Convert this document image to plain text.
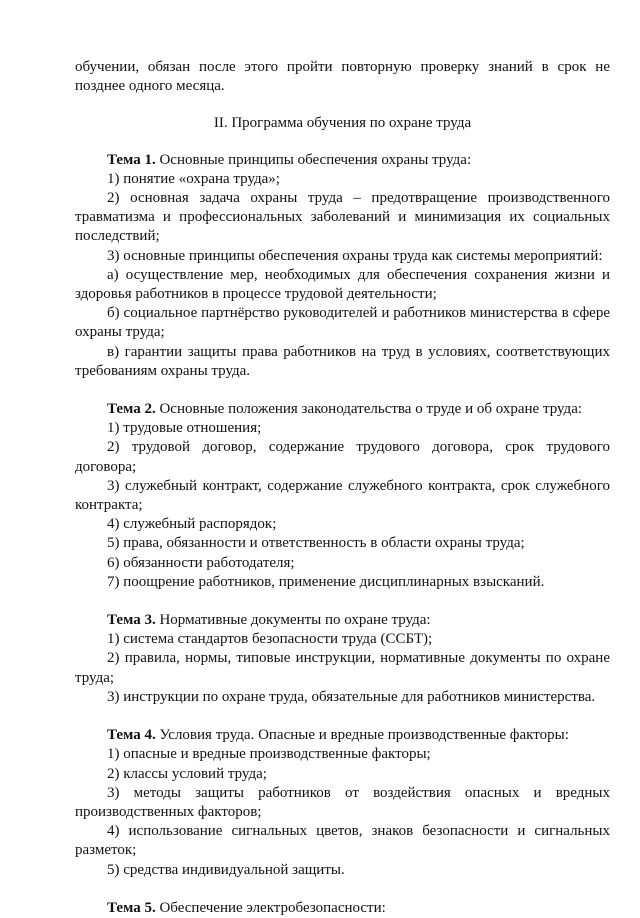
обучении, обязан после этого пройти повторную проверку знаний в срок не позднее одного месяца.

II. Программа обучения по охране труда

Тема 1. Основные принципы обеспечения охраны труда:

1) понятие «охрана труда»;

2) основная задача охраны труда – предотвращение производственного травматизма и профессиональных заболеваний и минимизация их социальных последствий;

3) основные принципы обеспечения охраны труда как системы мероприятий:

а) осуществление мер, необходимых для обеспечения сохранения жизни и здоровья работников в процессе трудовой деятельности;

б) социальное партнёрство руководителей и работников министерства в сфере охраны труда;

в) гарантии защиты права работников на труд в условиях, соответствующих требованиям охраны труда.

Тема 2. Основные положения законодательства о труде и об охране труда:

1) трудовые отношения;

2) трудовой договор, содержание трудового договора, срок трудового договора;

3) служебный контракт, содержание служебного контракта, срок служебного контракта;

4) служебный распорядок;

5) права, обязанности и ответственность в области охраны труда;

6) обязанности работодателя;

7) поощрение работников, применение дисциплинарных взысканий.

Тема 3. Нормативные документы по охране труда:

1) система стандартов безопасности труда (ССБТ);

2) правила, нормы, типовые инструкции, нормативные документы по охране труда;

3) инструкции по охране труда, обязательные для работников министерства.

Тема 4. Условия труда. Опасные и вредные производственные факторы:

1) опасные и вредные производственные факторы;

2) классы условий труда;

3) методы защиты работников от воздействия опасных и вредных производственных факторов;

4) использование сигнальных цветов, знаков безопасности и сигнальных разметок;

5) средства индивидуальной защиты.

Тема 5. Обеспечение электробезопасности:
